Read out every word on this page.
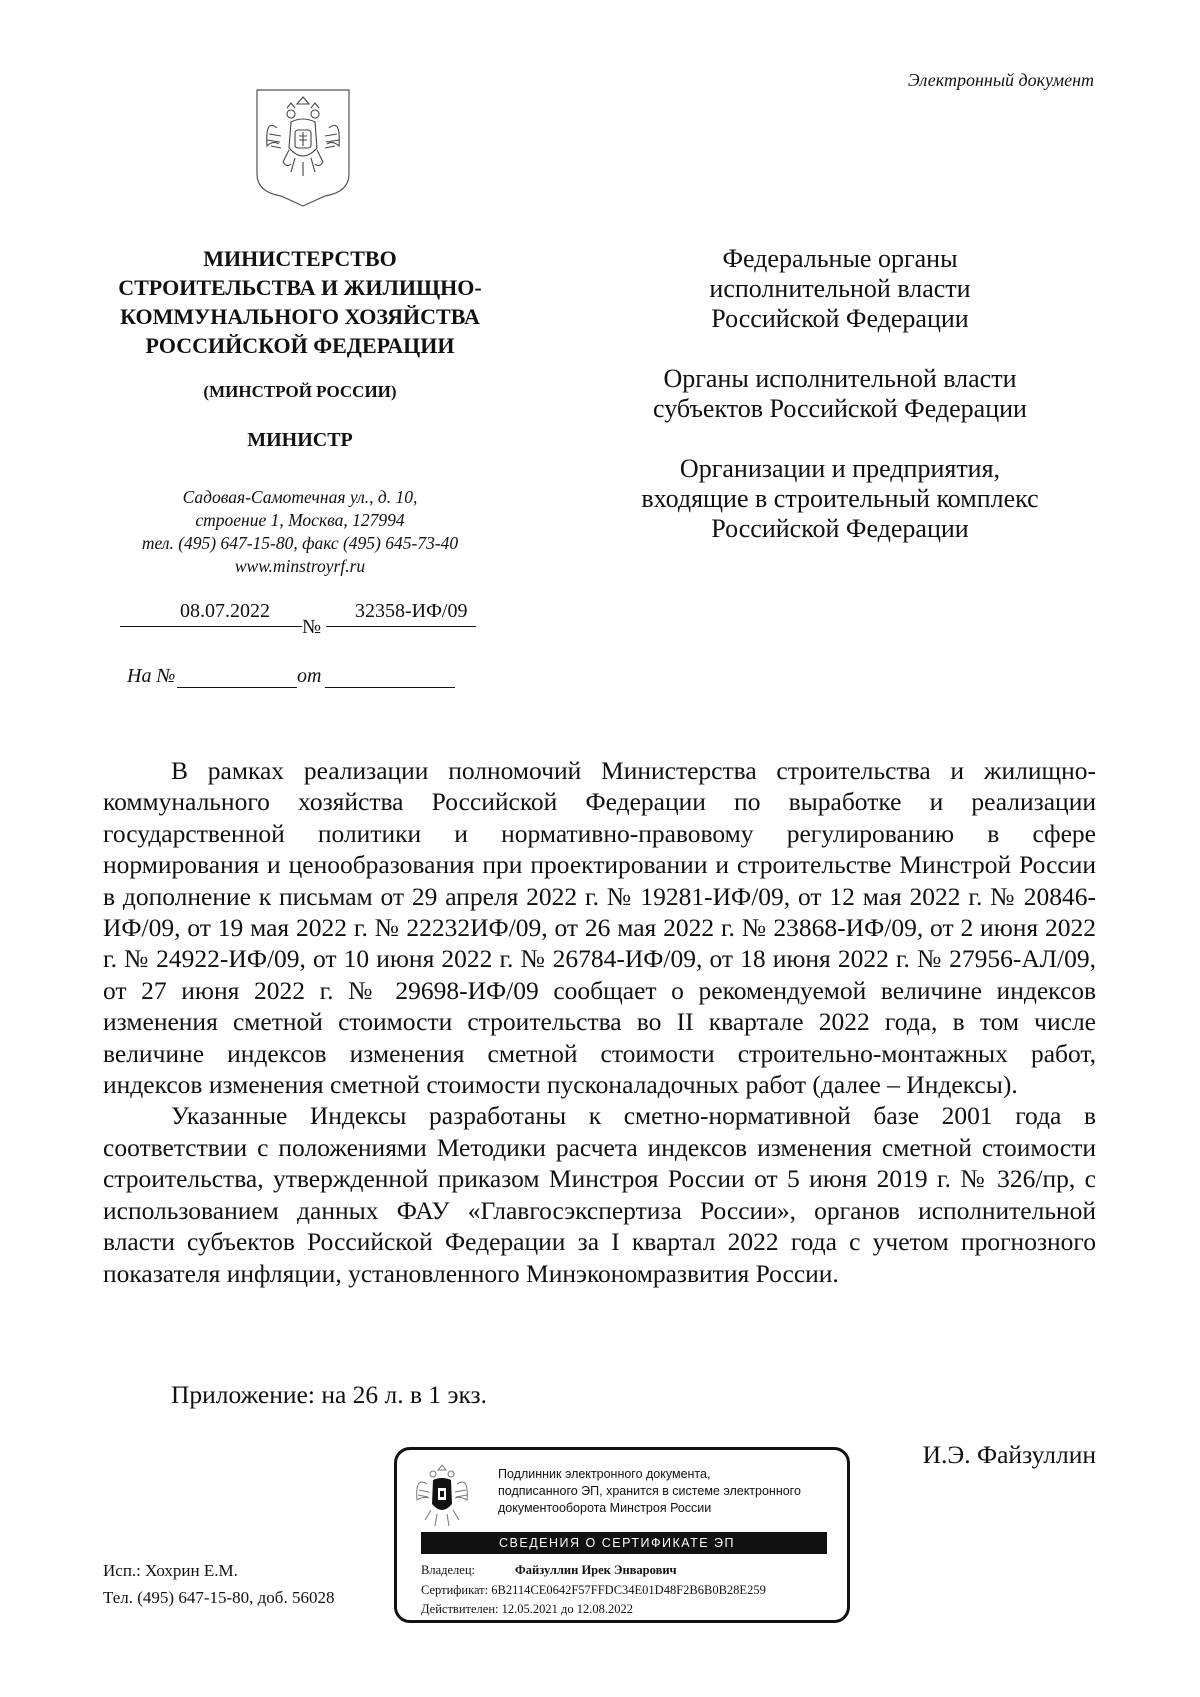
Электронный документ
МИНИСТЕРСТВО
СТРОИТЕЛЬСТВА И ЖИЛИЩНО-
КОММУНАЛЬНОГО ХОЗЯЙСТВА
РОССИЙСКОЙ ФЕДЕРАЦИИ
(МИНСТРОЙ РОССИИ)
МИНИСТР
Садовая-Самотечная ул., д. 10,
строение 1, Москва, 127994
тел. (495) 647-15-80, факс (495) 645-73-40
www.minstroyrf.ru
08.07.2022	32358-ИФ/09
№
На №	от

Федеральные органы
исполнительной власти
Российской Федерации

Органы исполнительной власти
субъектов Российской Федерации

Организации и предприятия,
входящие в строительный комплекс
Российской Федерации

В рамках реализации полномочий Министерства строительства и жилищно-коммунального хозяйства Российской Федерации по выработке и реализации государственной политики и нормативно-правовому регулированию в сфере нормирования и ценообразования при проектировании и строительстве Минстрой России в дополнение к письмам от 29 апреля 2022 г. № 19281-ИФ/09, от 12 мая 2022 г. № 20846-ИФ/09, от 19 мая 2022 г. № 22232ИФ/09, от 26 мая 2022 г. № 23868-ИФ/09, от 2 июня 2022 г. № 24922-ИФ/09, от 10 июня 2022 г. № 26784-ИФ/09, от 18 июня 2022 г. № 27956-АЛ/09, от 27 июня 2022 г. № 29698-ИФ/09 сообщает о рекомендуемой величине индексов изменения сметной стоимости строительства во II квартале 2022 года, в том числе величине индексов изменения сметной стоимости строительно-монтажных работ, индексов изменения сметной стоимости пусконаладочных работ (далее – Индексы).

Указанные Индексы разработаны к сметно-нормативной базе 2001 года в соответствии с положениями Методики расчета индексов изменения сметной стоимости строительства, утвержденной приказом Минстроя России от 5 июня 2019 г. № 326/пр, с использованием данных ФАУ «Главгосэкспертиза России», органов исполнительной власти субъектов Российской Федерации за I квартал 2022 года с учетом прогнозного показателя инфляции, установленного Минэкономразвития России.

Приложение: на 26 л. в 1 экз.
И.Э. Файзуллин
Подлинник электронного документа,
подписанного ЭП, хранится в системе электронного
документооборота Минстроя России
СВЕДЕНИЯ О СЕРТИФИКАТЕ ЭП
Владелец:	Файзуллин Ирек Энварович
Сертификат: 6B2114CE0642F57FFDC34E01D48F2B6B0B28E259
Действителен: 12.05.2021 до 12.08.2022
Исп.: Хохрин Е.М.
Тел. (495) 647-15-80, доб. 56028
